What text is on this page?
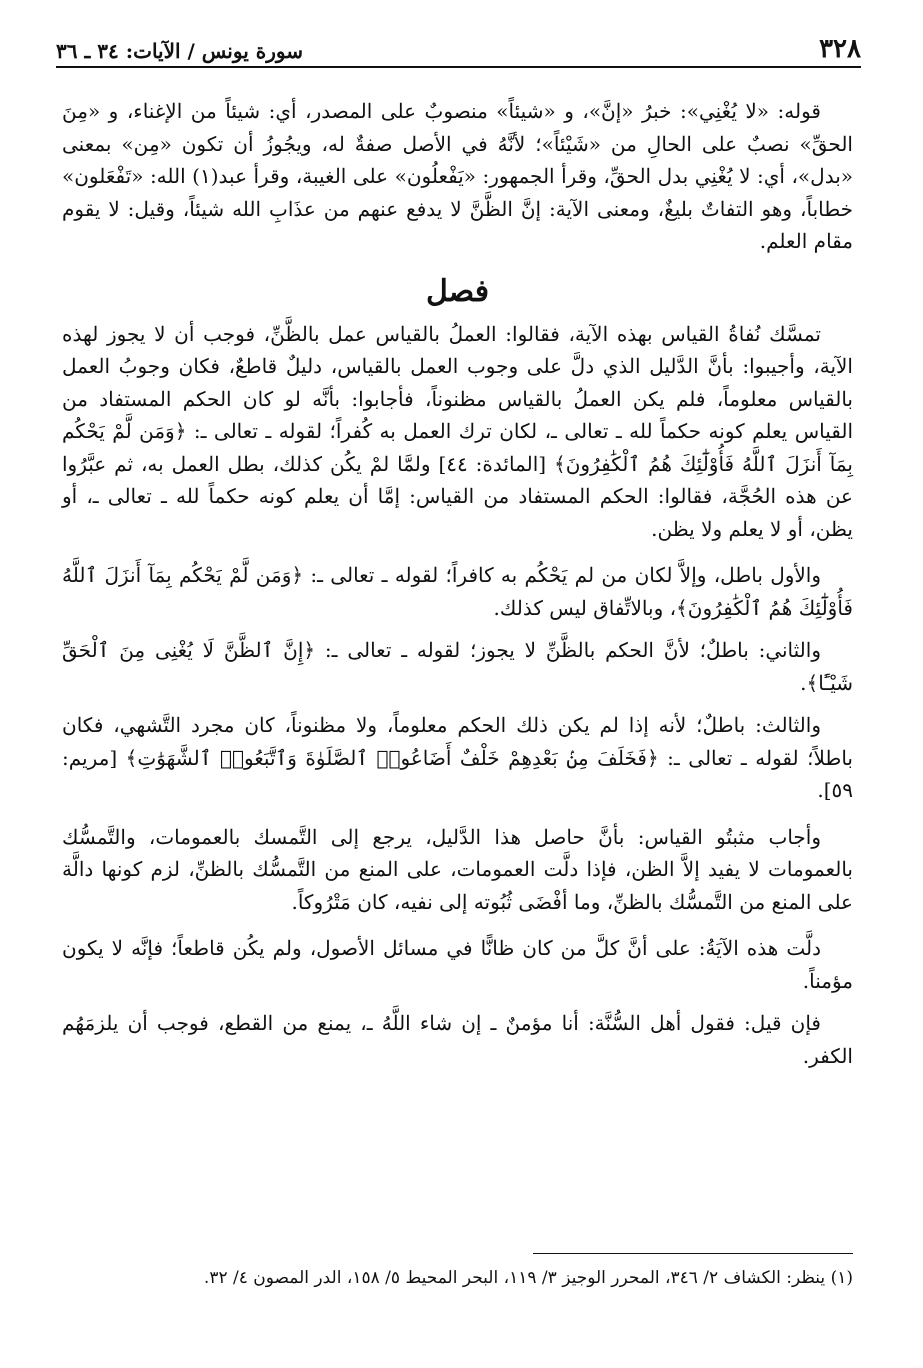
٣٢٨
سورة يونس / الآيات: ٣٤ ـ ٣٦

قوله: «لا يُغْنِي»: خبرُ «إنَّ»، و «شيئاً» منصوبٌ على المصدر، أي: شيئاً من الإغناء، و «مِنَ الحقِّ» نصبٌ على الحالِ من «شَيْئاً»؛ لأنَّهُ في الأصل صفةٌ له، ويجُوزُ أن تكون «مِن» بمعنى «بدل»، أي: لا يُغْنِي بدل الحقِّ، وقرأ الجمهور: «يَفْعلُون» على الغيبة، وقرأ عبد(١) الله: «تَفْعَلون» خطاباً، وهو التفاتٌ بليغٌ، ومعنى الآية: إنَّ الظَّنَّ لا يدفع عنهم من عذَابِ الله شيئاً، وقيل: لا يقوم مقام العلم.

فصل

تمسَّك نُفاةُ القياس بهذه الآية، فقالوا: العملُ بالقياس عمل بالظَّنِّ، فوجب أن لا يجوز لهذه الآية، وأجيبوا: بأنَّ الدَّليل الذي دلَّ على وجوب العمل بالقياس، دليلٌ قاطعٌ، فكان وجوبُ العمل بالقياس معلوماً، فلم يكن العملُ بالقياس مظنوناً، فأجابوا: بأنَّه لو كان الحكم المستفاد من القياس يعلم كونه حكماً لله ـ تعالى ـ، لكان ترك العمل به كُفراً؛ لقوله ـ تعالى ـ: ﴿وَمَن لَّمْ يَحْكُم بِمَآ أَنزَلَ ٱللَّهُ فَأُوْلَٰٓئِكَ هُمُ ٱلْكَٰفِرُونَ﴾ [المائدة: ٤٤] ولمَّا لمْ يكُن كذلك، بطل العمل به، ثم عبَّرُوا عن هذه الحُجَّة، فقالوا: الحكم المستفاد من القياس: إمَّا أن يعلم كونه حكماً لله ـ تعالى ـ، أو يظن، أو لا يعلم ولا يظن.

والأول باطل، وإلاَّ لكان من لم يَحْكُم به كافراً؛ لقوله ـ تعالى ـ: ﴿وَمَن لَّمْ يَحْكُم بِمَآ أَنزَلَ ٱللَّهُ فَأُوْلَٰٓئِكَ هُمُ ٱلْكَٰفِرُونَ﴾، وبالاتِّفاق ليس كذلك.

والثاني: باطلٌ؛ لأنَّ الحكم بالظَّنِّ لا يجوز؛ لقوله ـ تعالى ـ: ﴿إِنَّ ٱلظَّنَّ لَا يُغْنِى مِنَ ٱلْحَقِّ شَيْـًٔا﴾.

والثالث: باطلٌ؛ لأنه إذا لم يكن ذلك الحكم معلوماً، ولا مظنوناً، كان مجرد التَّشهي، فكان باطلاً؛ لقوله ـ تعالى ـ: ﴿فَخَلَفَ مِنۢ بَعْدِهِمْ خَلْفٌ أَضَاعُوا۟ ٱلصَّلَوٰةَ وَٱتَّبَعُوا۟ ٱلشَّهَوَٰتِ﴾ [مريم: ٥٩].

وأجاب مثبتُو القياس: بأنَّ حاصل هذا الدَّليل، يرجع إلى التَّمسك بالعمومات، والتَّمسُّك بالعمومات لا يفيد إلاَّ الظن، فإذا دلَّت العمومات، على المنع من التَّمسُّك بالظنِّ، لزم كونها دالَّة على المنع من التَّمسُّك بالظنِّ، وما أفْضَى ثُبُوته إلى نفيه، كان مَتْرُوكاً.

دلَّت هذه الآيَةُ: على أنَّ كلَّ من كان ظانًّا في مسائل الأصول، ولم يكُن قاطعاً؛ فإنَّه لا يكون مؤمناً.

فإن قيل: فقول أهل السُّنَّة: أنا مؤمنٌ ـ إن شاء اللَّهُ ـ، يمنع من القطع، فوجب أن يلزمَهُم الكفر.

(١) ينظر: الكشاف ٢/ ٣٤٦، المحرر الوجيز ٣/ ١١٩، البحر المحيط ٥/ ١٥٨، الدر المصون ٤/ ٣٢.
